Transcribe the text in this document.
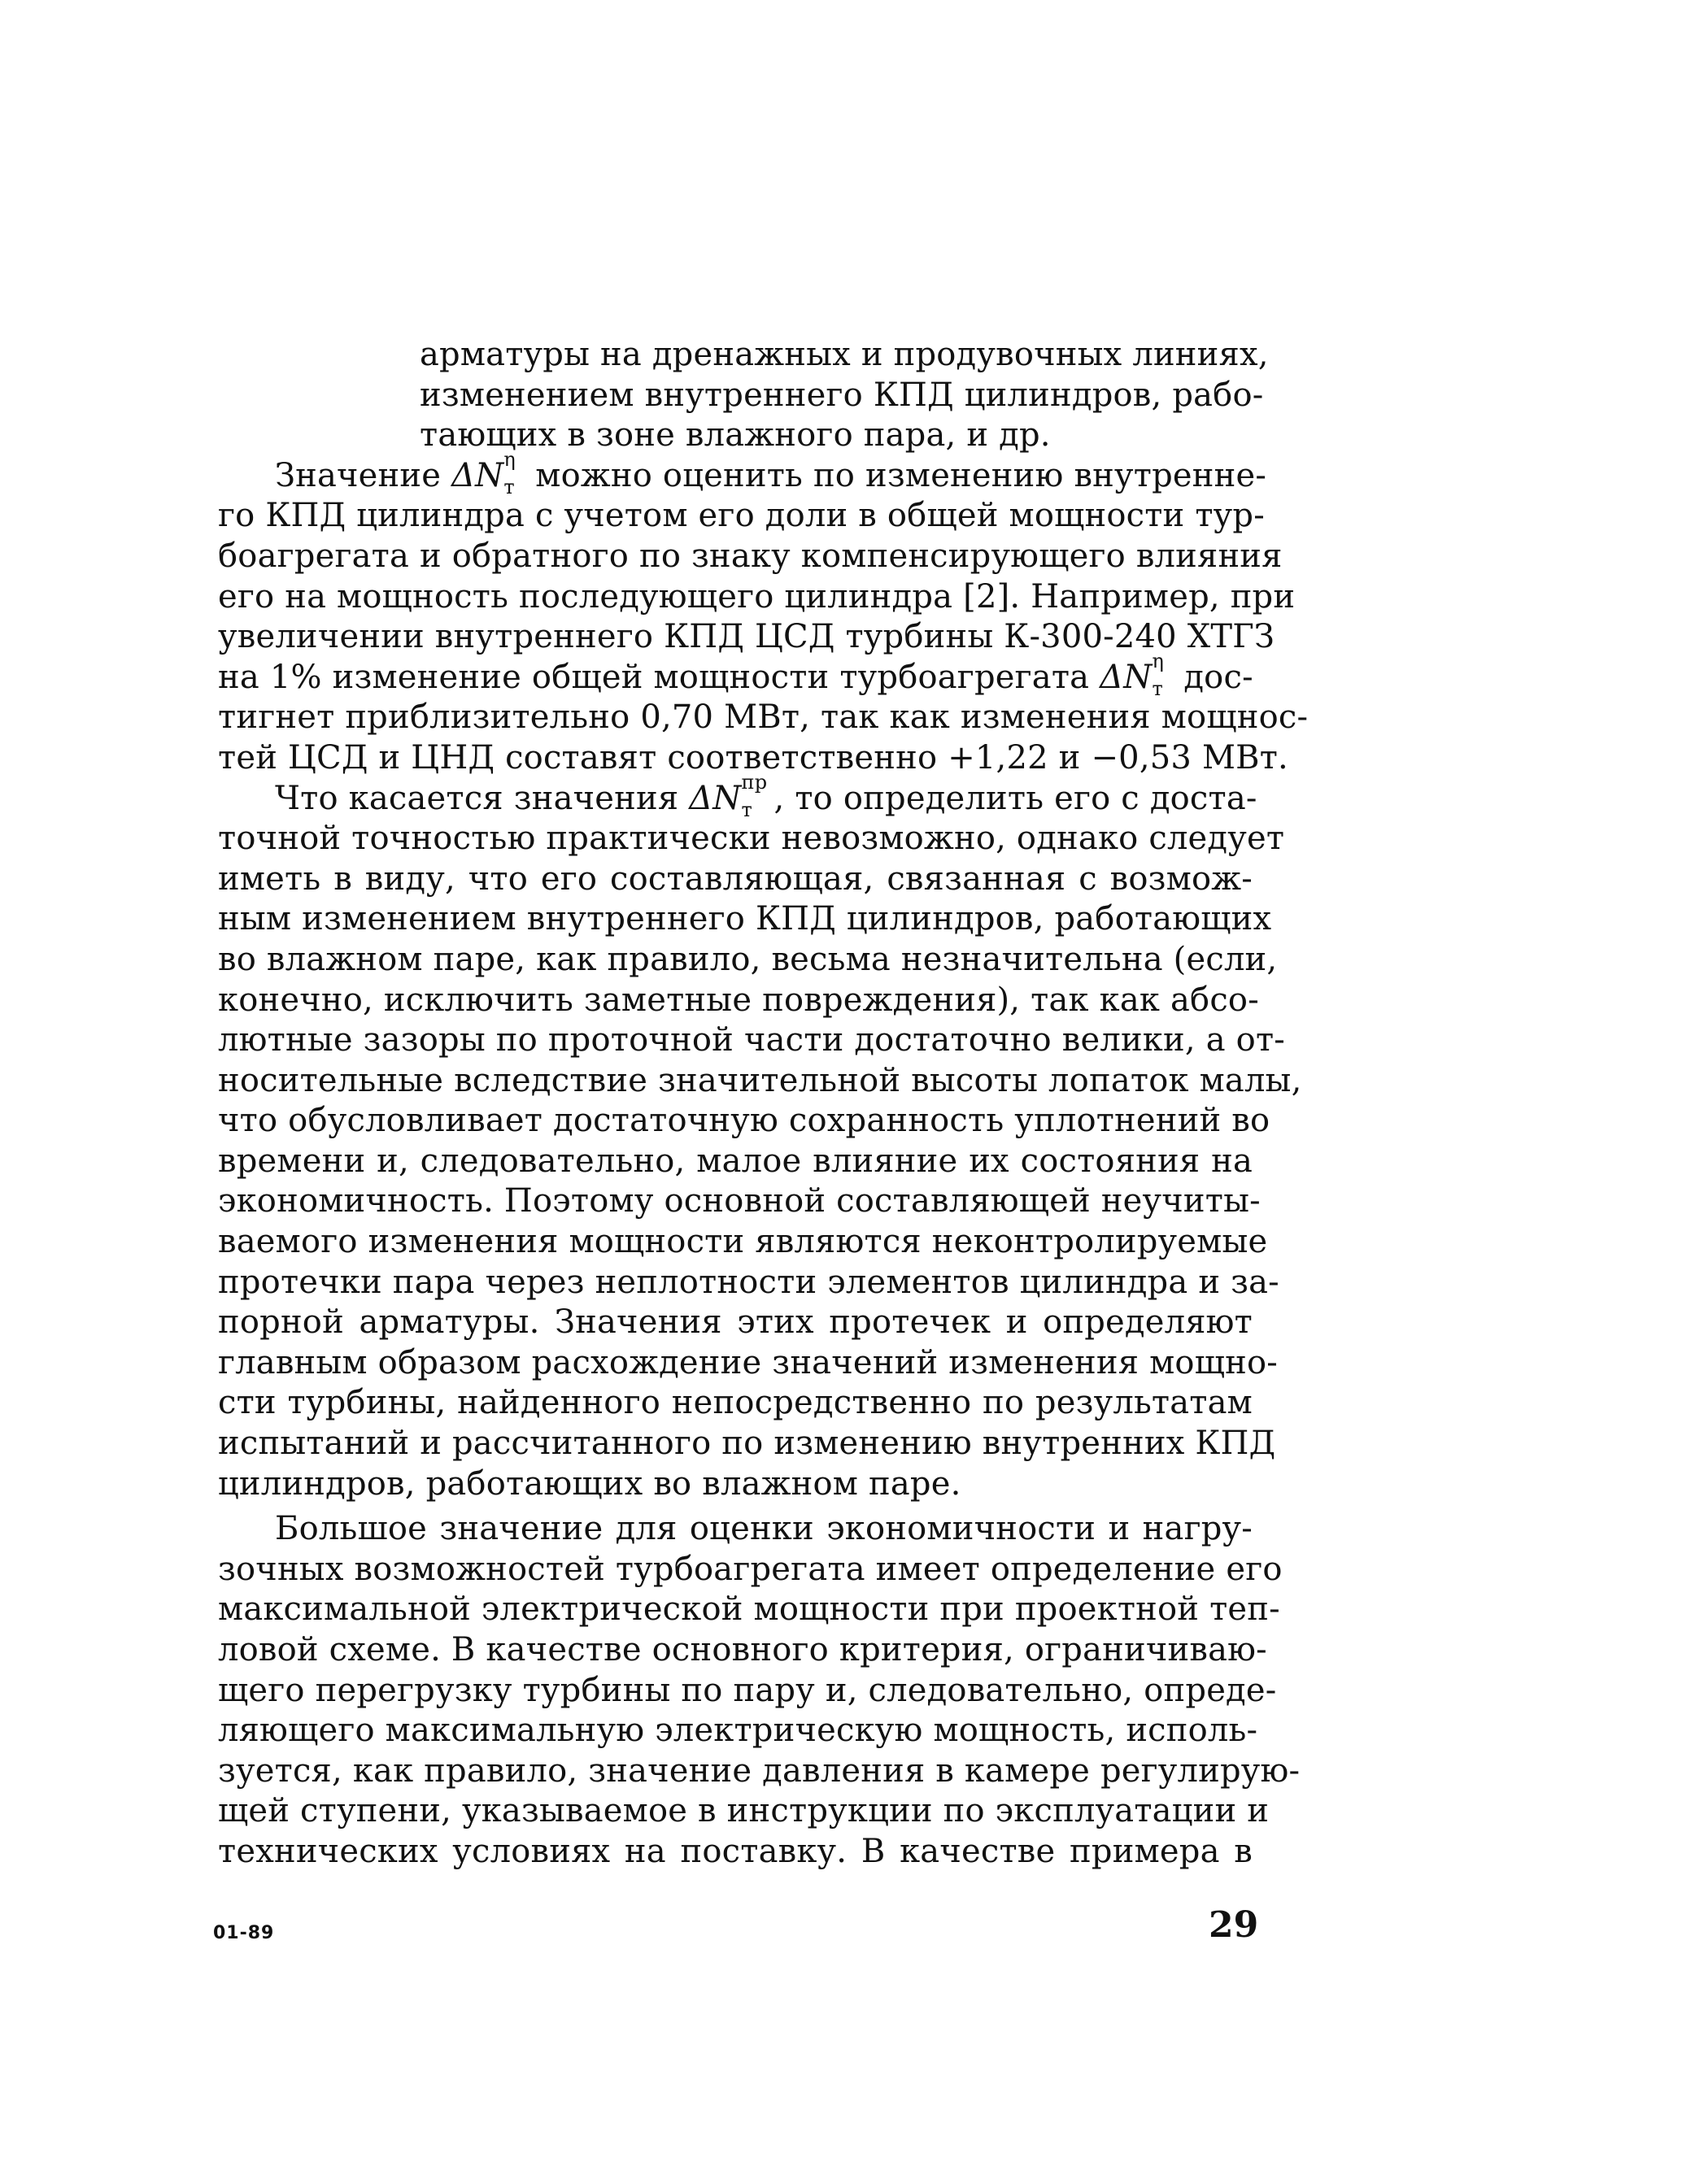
арматуры на дренажных и продувочных линиях,
изменением внутреннего КПД цилиндров, рабо-
тающих в зоне влажного пара, и др.
Значение ΔN η
т можно оценить по изменению внутренне-
го КПД цилиндра с учетом его доли в общей мощности тур-
боагрегата и обратного по знаку компенсирующего влияния
его на мощность последующего цилиндра [2]. Например, при
увеличении внутреннего КПД ЦСД турбины К-300-240 ХТГЗ
на 1% изменение общей мощности турбоагрегата ΔN η
т дос-
тигнет приблизительно 0,70 МВт, так как изменения мощнос-
тей ЦСД и ЦНД составят соответственно +1,22 и −0,53 МВт.
Что касается значения ΔN пр
т , то определить его с доста-
точной точностью практически невозможно, однако следует
иметь в виду, что его составляющая, связанная с возмож-
ным изменением внутреннего КПД цилиндров, работающих
во влажном паре, как правило, весьма незначительна (если,
конечно, исключить заметные повреждения), так как абсо-
лютные зазоры по проточной части достаточно велики, а от-
носительные вследствие значительной высоты лопаток малы,
что обусловливает достаточную сохранность уплотнений во
времени и, следовательно, малое влияние их состояния на
экономичность. Поэтому основной составляющей неучиты-
ваемого изменения мощности являются неконтролируемые
протечки пара через неплотности элементов цилиндра и за-
порной арматуры. Значения этих протечек и определяют
главным образом расхождение значений изменения мощно-
сти турбины, найденного непосредственно по результатам
испытаний и рассчитанного по изменению внутренних КПД
цилиндров, работающих во влажном паре.
Большое значение для оценки экономичности и нагру-
зочных возможностей турбоагрегата имеет определение его
максимальной электрической мощности при проектной теп-
ловой схеме. В качестве основного критерия, ограничиваю-
щего перегрузку турбины по пару и, следовательно, опреде-
ляющего максимальную электрическую мощность, исполь-
зуется, как правило, значение давления в камере регулирую-
щей ступени, указываемое в инструкции по эксплуатации и
технических условиях на поставку. В качестве примера в
01-89	29
